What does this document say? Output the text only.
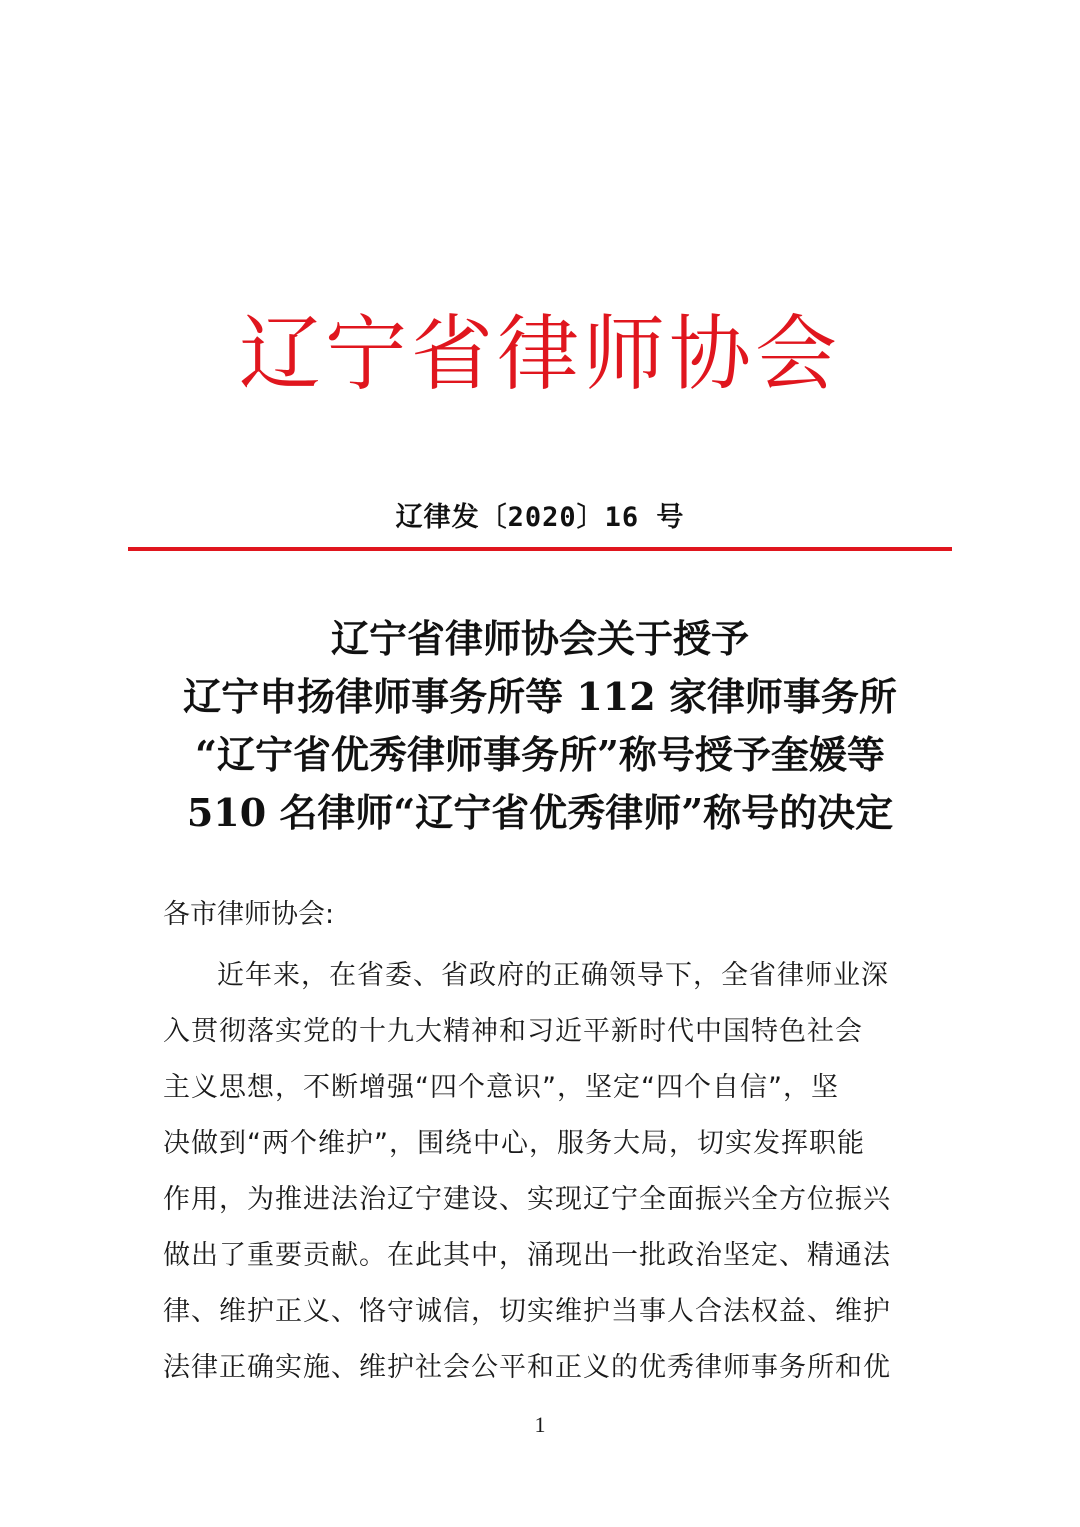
辽宁省律师协会
辽律发〔2020〕16 号
辽宁省律师协会关于授予
辽宁申扬律师事务所等 112 家律师事务所
“辽宁省优秀律师事务所”称号授予奎媛等
510 名律师“辽宁省优秀律师”称号的决定
各市律师协会:
近年来，在省委、省政府的正确领导下，全省律师业深
入贯彻落实党的十九大精神和习近平新时代中国特色社会
主义思想，不断增强“四个意识”，坚定“四个自信”，坚
决做到“两个维护”，围绕中心，服务大局，切实发挥职能
作用，为推进法治辽宁建设、实现辽宁全面振兴全方位振兴
做出了重要贡献。在此其中，涌现出一批政治坚定、精通法
律、维护正义、恪守诚信，切实维护当事人合法权益、维护
法律正确实施、维护社会公平和正义的优秀律师事务所和优
1
